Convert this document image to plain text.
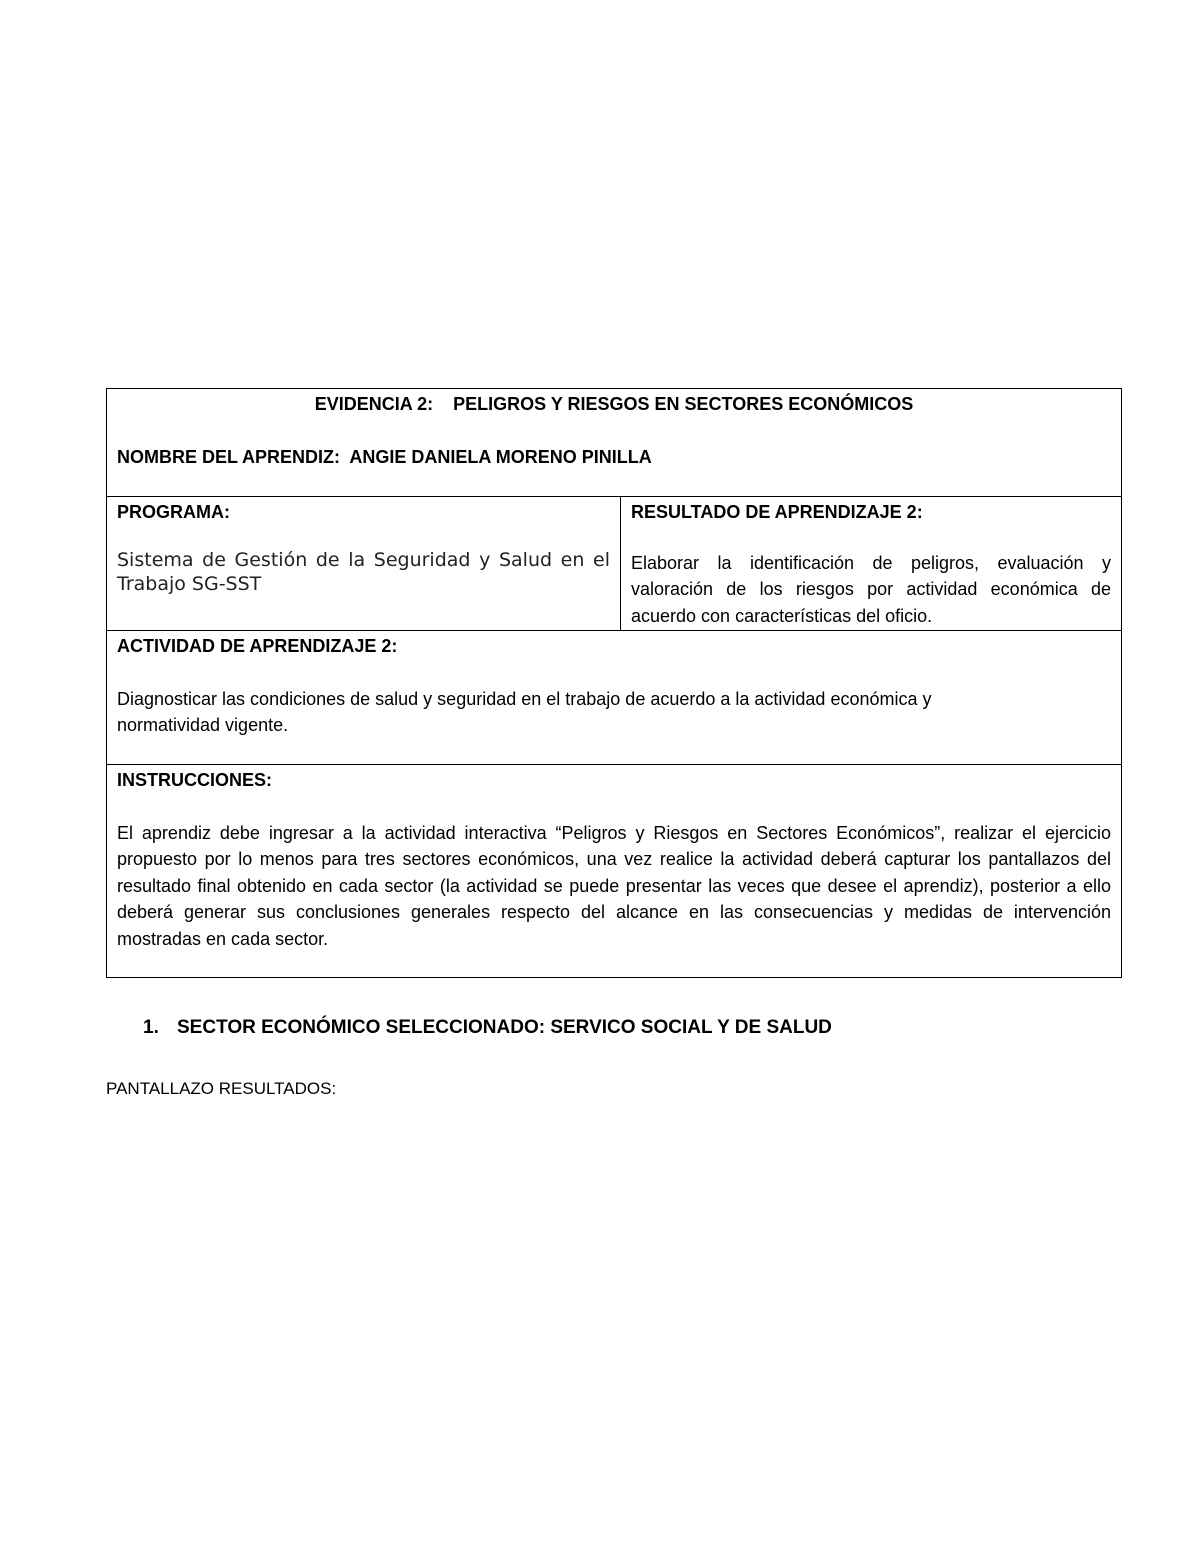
EVIDENCIA 2:    PELIGROS Y RIESGOS EN SECTORES ECONÓMICOS
NOMBRE DEL APRENDIZ: ANGIE DANIELA MORENO PINILLA

PROGRAMA:
Sistema de Gestión de la Seguridad y Salud en el Trabajo SG-SST

RESULTADO DE APRENDIZAJE 2:
Elaborar la identificación de peligros, evaluación y valoración de los riesgos por actividad económica de acuerdo con características del oficio.

ACTIVIDAD DE APRENDIZAJE 2:
Diagnosticar las condiciones de salud y seguridad en el trabajo de acuerdo a la actividad económica y normatividad vigente.

INSTRUCCIONES:
El aprendiz debe ingresar a la actividad interactiva “Peligros y Riesgos en Sectores Económicos”, realizar el ejercicio propuesto por lo menos para tres sectores económicos, una vez realice la actividad deberá capturar los pantallazos del resultado final obtenido en cada sector (la actividad se puede presentar las veces que desee el aprendiz), posterior a ello deberá generar sus conclusiones generales respecto del alcance en las consecuencias y medidas de intervención mostradas en cada sector.
1. SECTOR ECONÓMICO SELECCIONADO: SERVICO SOCIAL Y DE SALUD
PANTALLAZO RESULTADOS:
